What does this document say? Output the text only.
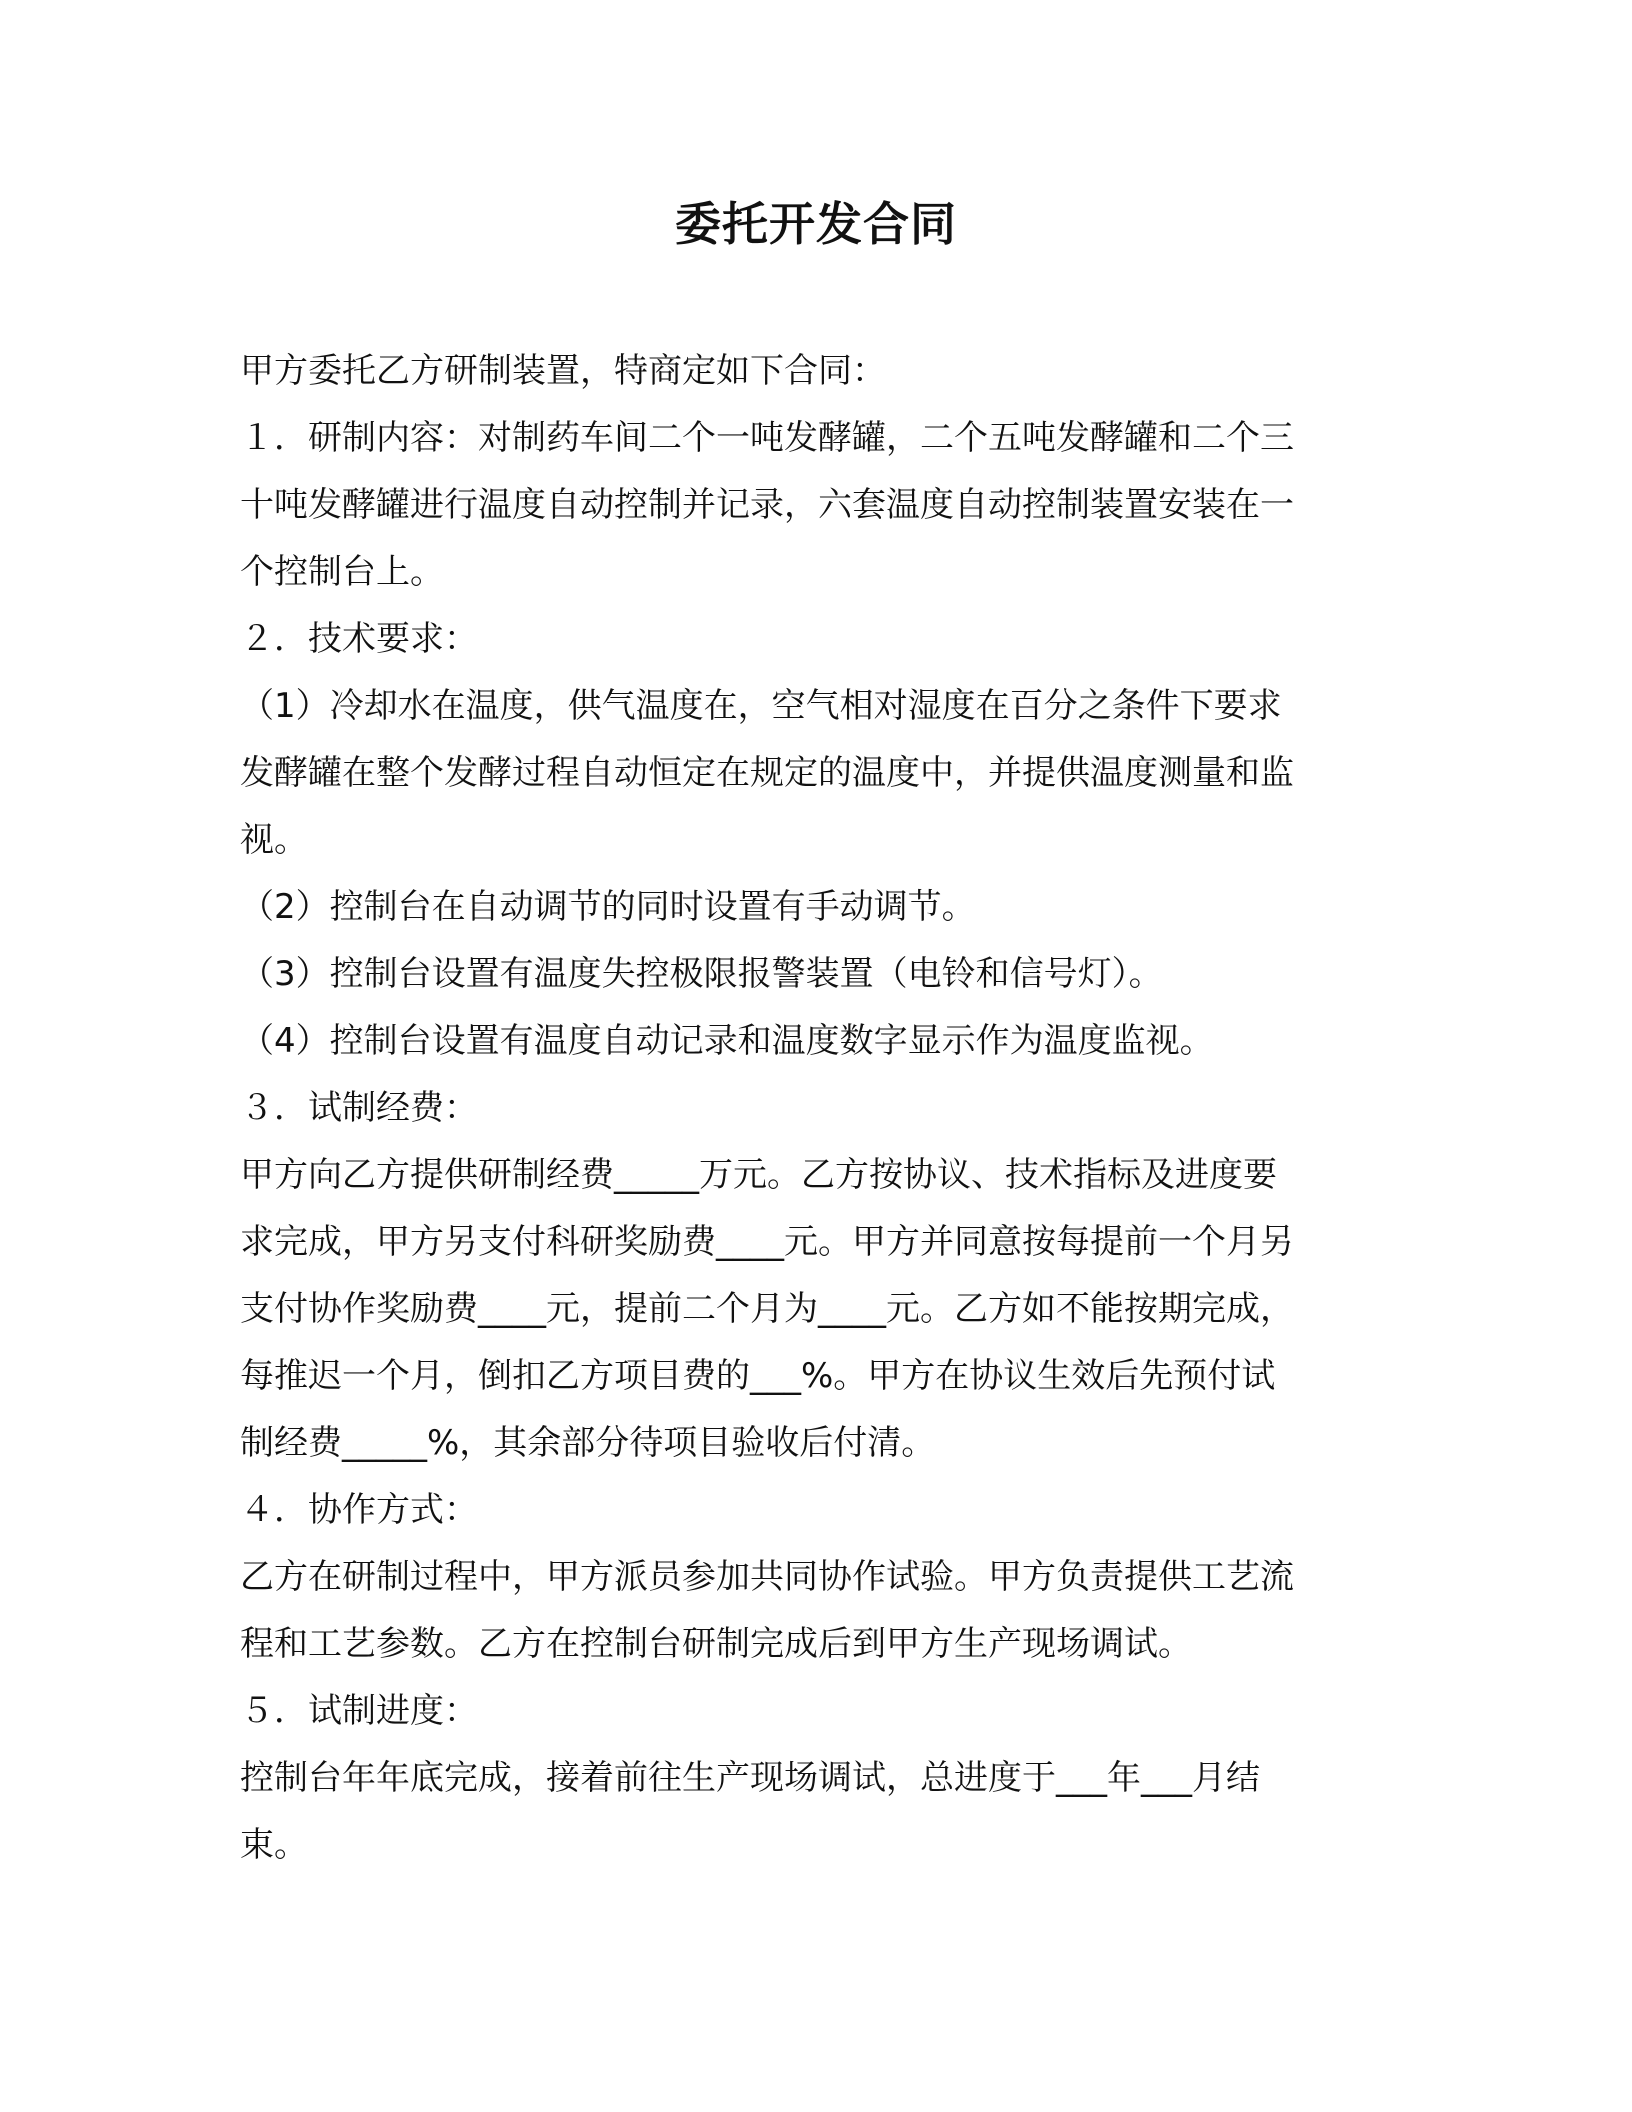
委托开发合同
甲方委托乙方研制装置，特商定如下合同：
１．研制内容：对制药车间二个一吨发酵罐，二个五吨发酵罐和二个三
十吨发酵罐进行温度自动控制并记录，六套温度自动控制装置安装在一
个控制台上。
２．技术要求：
（1）冷却水在温度，供气温度在，空气相对湿度在百分之条件下要求
发酵罐在整个发酵过程自动恒定在规定的温度中，并提供温度测量和监
视。
（2）控制台在自动调节的同时设置有手动调节。
（3）控制台设置有温度失控极限报警装置（电铃和信号灯）。
（4）控制台设置有温度自动记录和温度数字显示作为温度监视。
３．试制经费：
甲方向乙方提供研制经费_____万元。乙方按协议、技术指标及进度要
求完成，甲方另支付科研奖励费____元。甲方并同意按每提前一个月另
支付协作奖励费____元，提前二个月为____元。乙方如不能按期完成，
每推迟一个月，倒扣乙方项目费的___%。甲方在协议生效后先预付试
制经费_____%，其余部分待项目验收后付清。
４．协作方式：
乙方在研制过程中，甲方派员参加共同协作试验。甲方负责提供工艺流
程和工艺参数。乙方在控制台研制完成后到甲方生产现场调试。
５．试制进度：
控制台年年底完成，接着前往生产现场调试，总进度于___年___月结
束。
